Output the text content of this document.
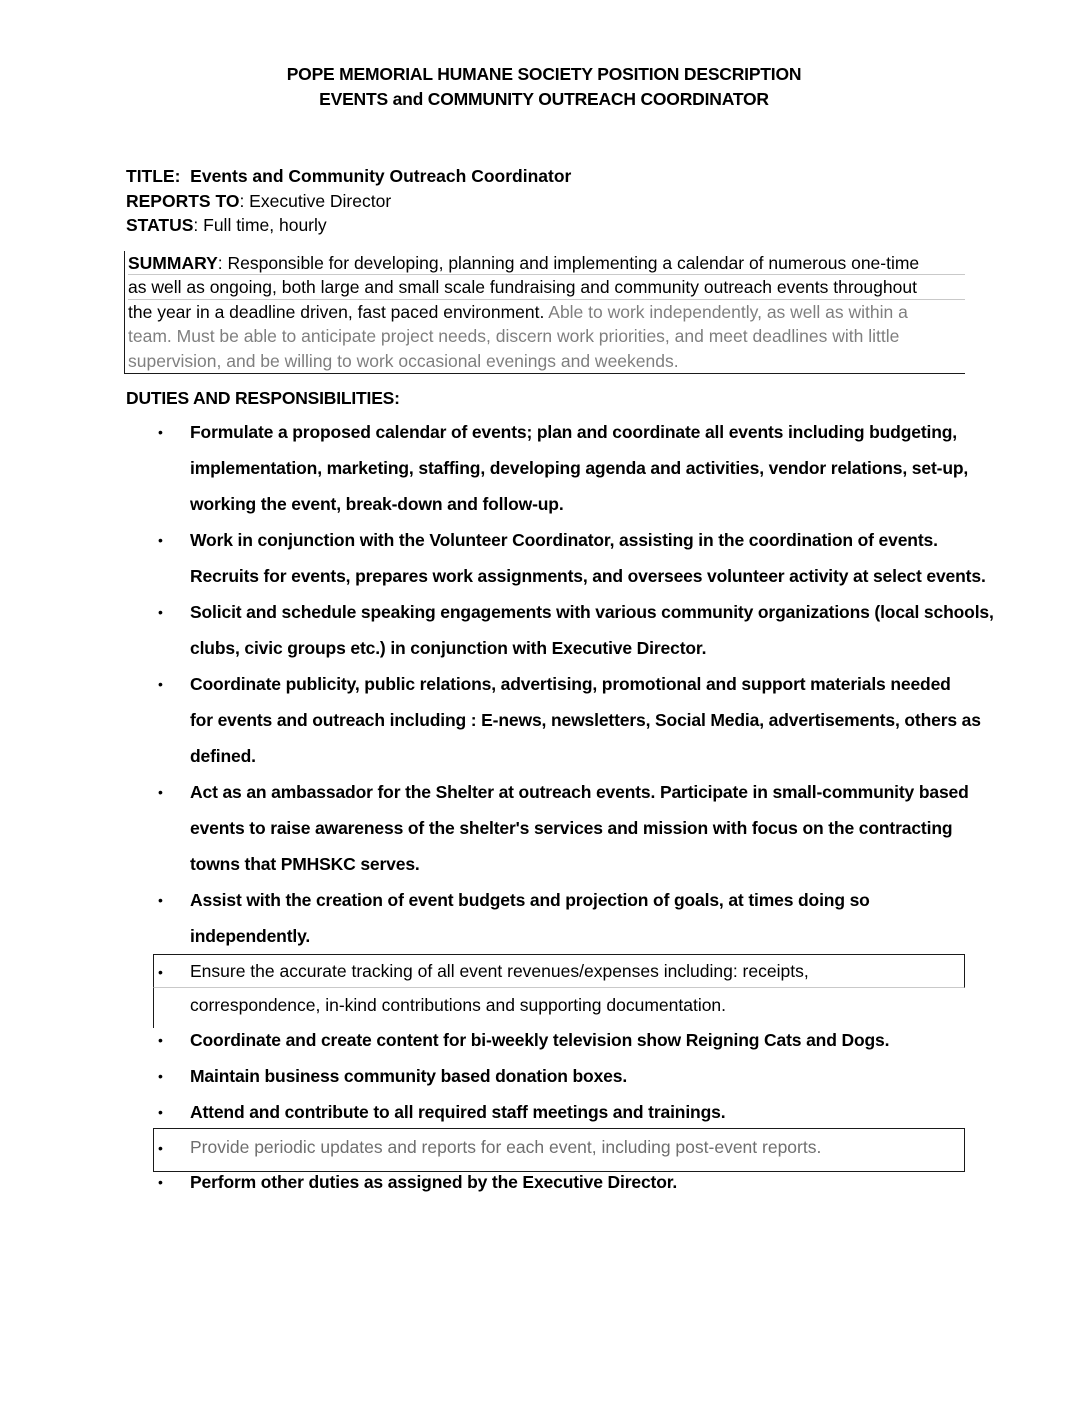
POPE MEMORIAL HUMANE SOCIETY POSITION DESCRIPTION
EVENTS and COMMUNITY OUTREACH COORDINATOR
TITLE: Events and Community Outreach Coordinator
REPORTS TO: Executive Director
STATUS: Full time, hourly
SUMMARY: Responsible for developing, planning and implementing a calendar of numerous one-time
as well as ongoing, both large and small scale fundraising and community outreach events throughout
the year in a deadline driven, fast paced environment. Able to work independently, as well as within a
team. Must be able to anticipate project needs, discern work priorities, and meet deadlines with little
supervision, and be willing to work occasional evenings and weekends.
DUTIES AND RESPONSIBILITIES:
• Formulate a proposed calendar of events; plan and coordinate all events including budgeting,
implementation, marketing, staffing, developing agenda and activities, vendor relations, set-up,
working the event, break-down and follow-up.
• Work in conjunction with the Volunteer Coordinator, assisting in the coordination of events.
Recruits for events, prepares work assignments, and oversees volunteer activity at select events.
• Solicit and schedule speaking engagements with various community organizations (local schools,
clubs, civic groups etc.) in conjunction with Executive Director.
• Coordinate publicity, public relations, advertising, promotional and support materials needed
for events and outreach including : E-news, newsletters, Social Media, advertisements, others as
defined.
• Act as an ambassador for the Shelter at outreach events. Participate in small-community based
events to raise awareness of the shelter's services and mission with focus on the contracting
towns that PMHSKC serves.
• Assist with the creation of event budgets and projection of goals, at times doing so
independently.
• Ensure the accurate tracking of all event revenues/expenses including: receipts,
correspondence, in-kind contributions and supporting documentation.
• Coordinate and create content for bi-weekly television show Reigning Cats and Dogs.
• Maintain business community based donation boxes.
• Attend and contribute to all required staff meetings and trainings.
• Provide periodic updates and reports for each event, including post-event reports.
• Perform other duties as assigned by the Executive Director.
